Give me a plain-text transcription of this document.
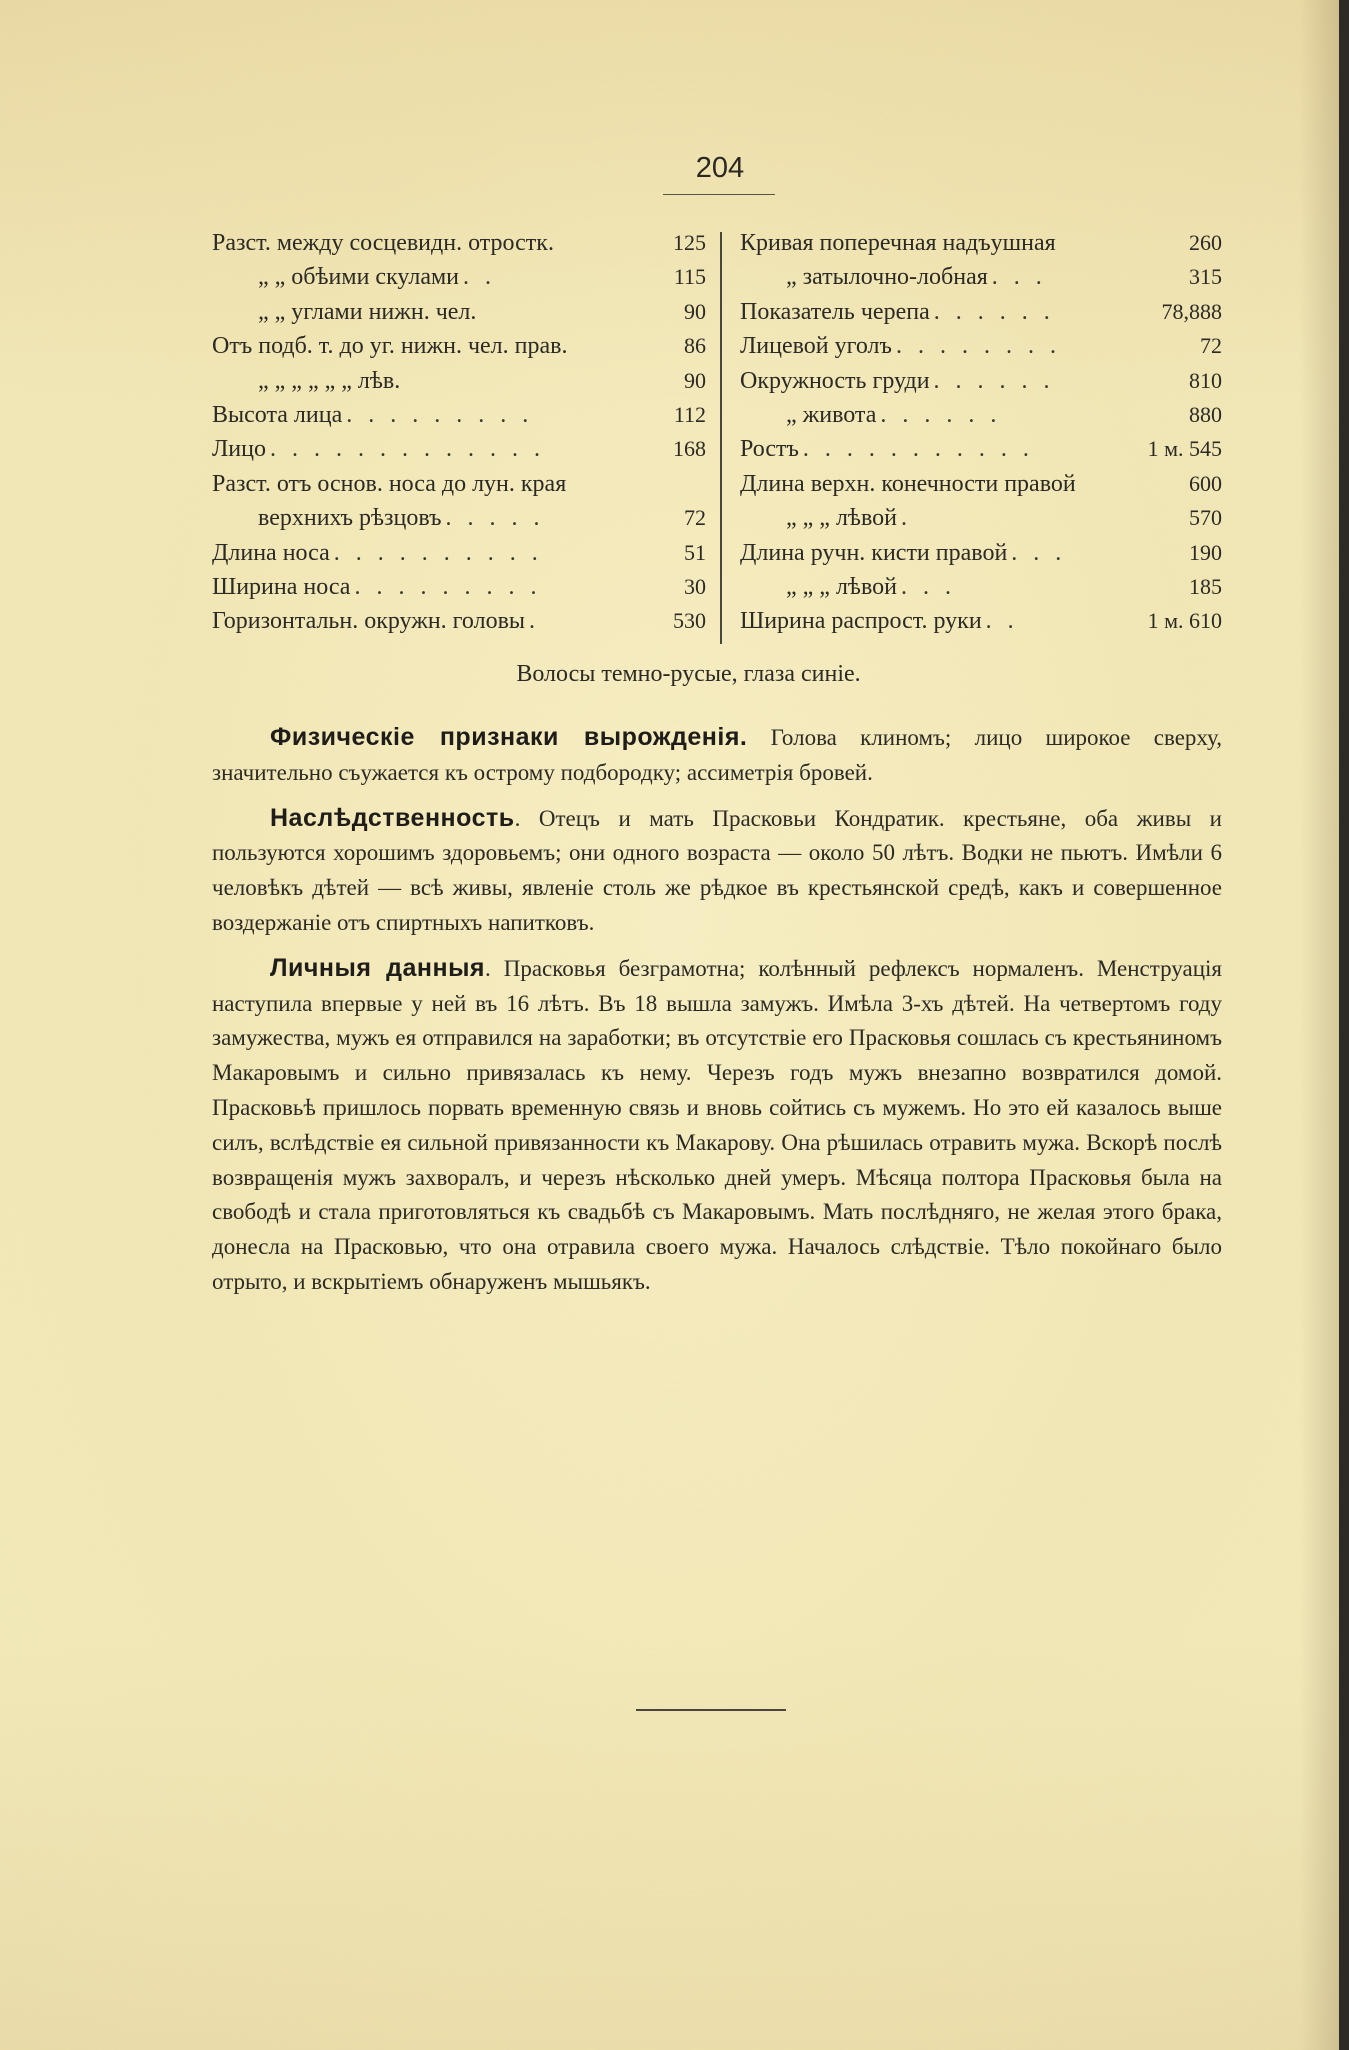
204
Разст. между сосцевидн. отростк.	125
„ „ обѣими скулами . .	115
„ „ углами нижн. чел.	90
Отъ подб. т. до уг. нижн. чел. прав.	86
„ „ „ „ „ „ лѣв.	90
Высота лица . . . . . . . . .	112
Лицо . . . . . . . . . . . . .	168
Разст. отъ основ. носа до лун. края
верхнихъ рѣзцовъ . . . . .	72
Длина носа . . . . . . . . . .	51
Ширина носа . . . . . . . . .	30
Горизонтальн. окружн. головы .	530
Кривая поперечная надъушная	260
„ затылочно-лобная . . .	315
Показатель черепа . . . . . .	78,888
Лицевой уголъ . . . . . . . .	72
Окружность груди . . . . . .	810
„ живота . . . . . .	880
Ростъ . . . . . . . . . . .	1 м. 545
Длина верхн. конечности правой	600
„ „ „ лѣвой .	570
Длина ручн. кисти правой . . .	190
„ „ „ лѣвой . . .	185
Ширина распрост. руки . .	1 м. 610
Волосы темно-русые, глаза синіе.

Физическіе признаки вырожденія. Голова клиномъ; лицо широкое сверху, значительно съужается къ острому подбородку; ассиметрія бровей.

Наслѣдственность. Отецъ и мать Прасковьи Кондратик. крестьяне, оба живы и пользуются хорошимъ здоровьемъ; они одного возраста — около 50 лѣтъ. Водки не пьютъ. Имѣли 6 человѣкъ дѣтей — всѣ живы, явленіе столь же рѣдкое въ крестьянской средѣ, какъ и совершенное воздержаніе отъ спиртныхъ напитковъ.

Личныя данныя. Прасковья безграмотна; колѣнный рефлексъ нормаленъ. Менструація наступила впервые у ней въ 16 лѣтъ. Въ 18 вышла замужъ. Имѣла 3-хъ дѣтей. На четвертомъ году замужества, мужъ ея отправился на заработки; въ отсутствіе его Прасковья сошлась съ крестьяниномъ Макаровымъ и сильно привязалась къ нему. Черезъ годъ мужъ внезапно возвратился домой. Прасковьѣ пришлось порвать временную связь и вновь сойтись съ мужемъ. Но это ей казалось выше силъ, вслѣдствіе ея сильной привязанности къ Макарову. Она рѣшилась отравить мужа. Вскорѣ послѣ возвращенія мужъ захворалъ, и черезъ нѣсколько дней умеръ. Мѣсяца полтора Прасковья была на свободѣ и стала приготовляться къ свадьбѣ съ Макаровымъ. Мать послѣдняго, не желая этого брака, донесла на Прасковью, что она отравила своего мужа. Началось слѣдствіе. Тѣло покойнаго было отрыто, и вскрытіемъ обнаруженъ мышьякъ.
